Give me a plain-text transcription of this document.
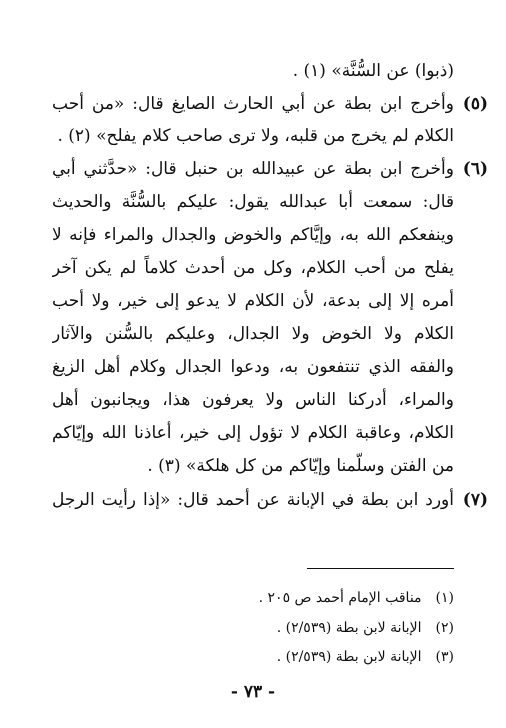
(ذبوا) عن السُّنَّة» (١) .
(٥)
وأخرج ابن بطة عن أبي الحارث الصايغ قال: «من أحب
الكلام لم يخرج من قلبه، ولا ترى صاحب كلام يفلح» (٢) .
(٦)
وأخرج ابن بطة عن عبيدالله بن حنبل قال: «حدَّثني أبي
قال: سمعت أبا عبدالله يقول: عليكم بالسُّنَّة والحديث
وينفعكم الله به، وإيَّاكم والخوض والجدال والمراء فإنه لا
يفلح من أحب الكلام، وكل من أحدث كلاماً لم يكن آخر
أمره إلا إلى بدعة، لأن الكلام لا يدعو إلى خير، ولا أحب
الكلام ولا الخوض ولا الجدال، وعليكم بالسُّنن والآثار
والفقه الذي تنتفعون به، ودعوا الجدال وكلام أهل الزيغ
والمراء، أدركنا الناس ولا يعرفون هذا، ويجانبون أهل
الكلام، وعاقبة الكلام لا تؤول إلى خير، أعاذنا الله وإيّاكم
من الفتن وسلّمنا وإيّاكم من كل هلكة» (٣) .
(٧)
أورد ابن بطة في الإبانة عن أحمد قال: «إذا رأيت الرجل
(١) مناقب الإمام أحمد ص ٢٠٥ .
(٢) الإبانة لابن بطة (٢/٥٣٩) .
(٣) الإبانة لابن بطة (٢/٥٣٩) .
- ٧٣ -
